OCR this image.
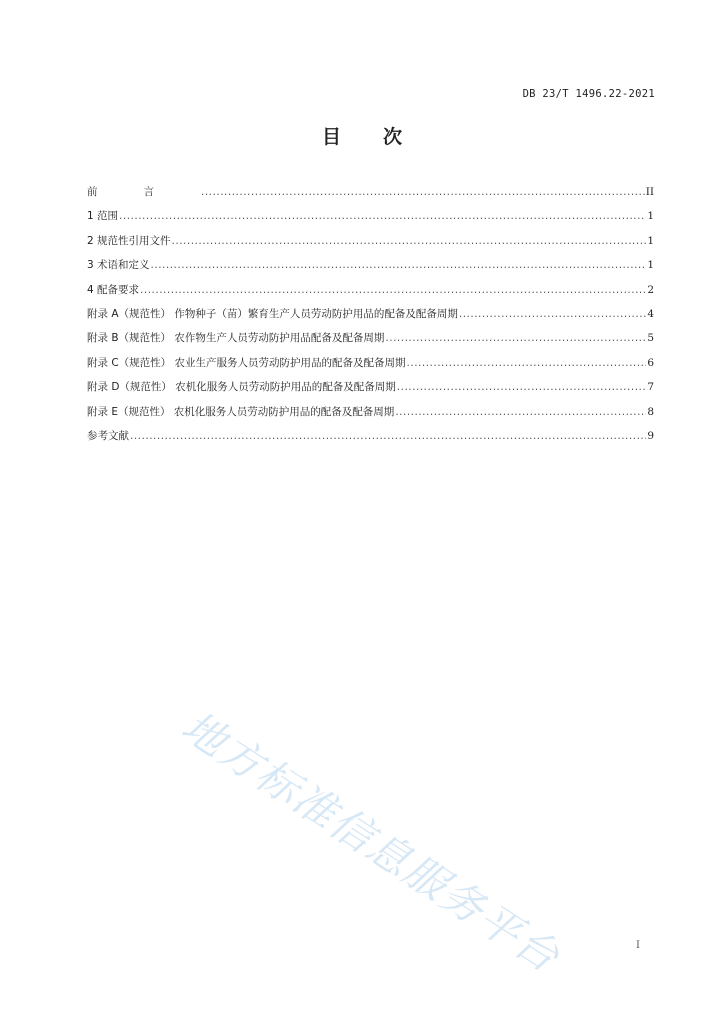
DB 23/T 1496.22-2021
目 次
前言 .....	II
1 范围 .....	1
2 规范性引用文件 .....	1
3 术语和定义 .....	1
4 配备要求 .....	2
附录 A（规范性） 作物种子（苗）繁育生产人员劳动防护用品的配备及配备周期 .....	4
附录 B（规范性） 农作物生产人员劳动防护用品配备及配备周期 .....	5
附录 C（规范性） 农业生产服务人员劳动防护用品的配备及配备周期 .....	6
附录 D（规范性） 农机化服务人员劳动防护用品的配备及配备周期 .....	7
附录 E（规范性） 农机化服务人员劳动防护用品的配备及配备周期 .....	8
参考文献 .....	9
地方标准信息服务平台	I
